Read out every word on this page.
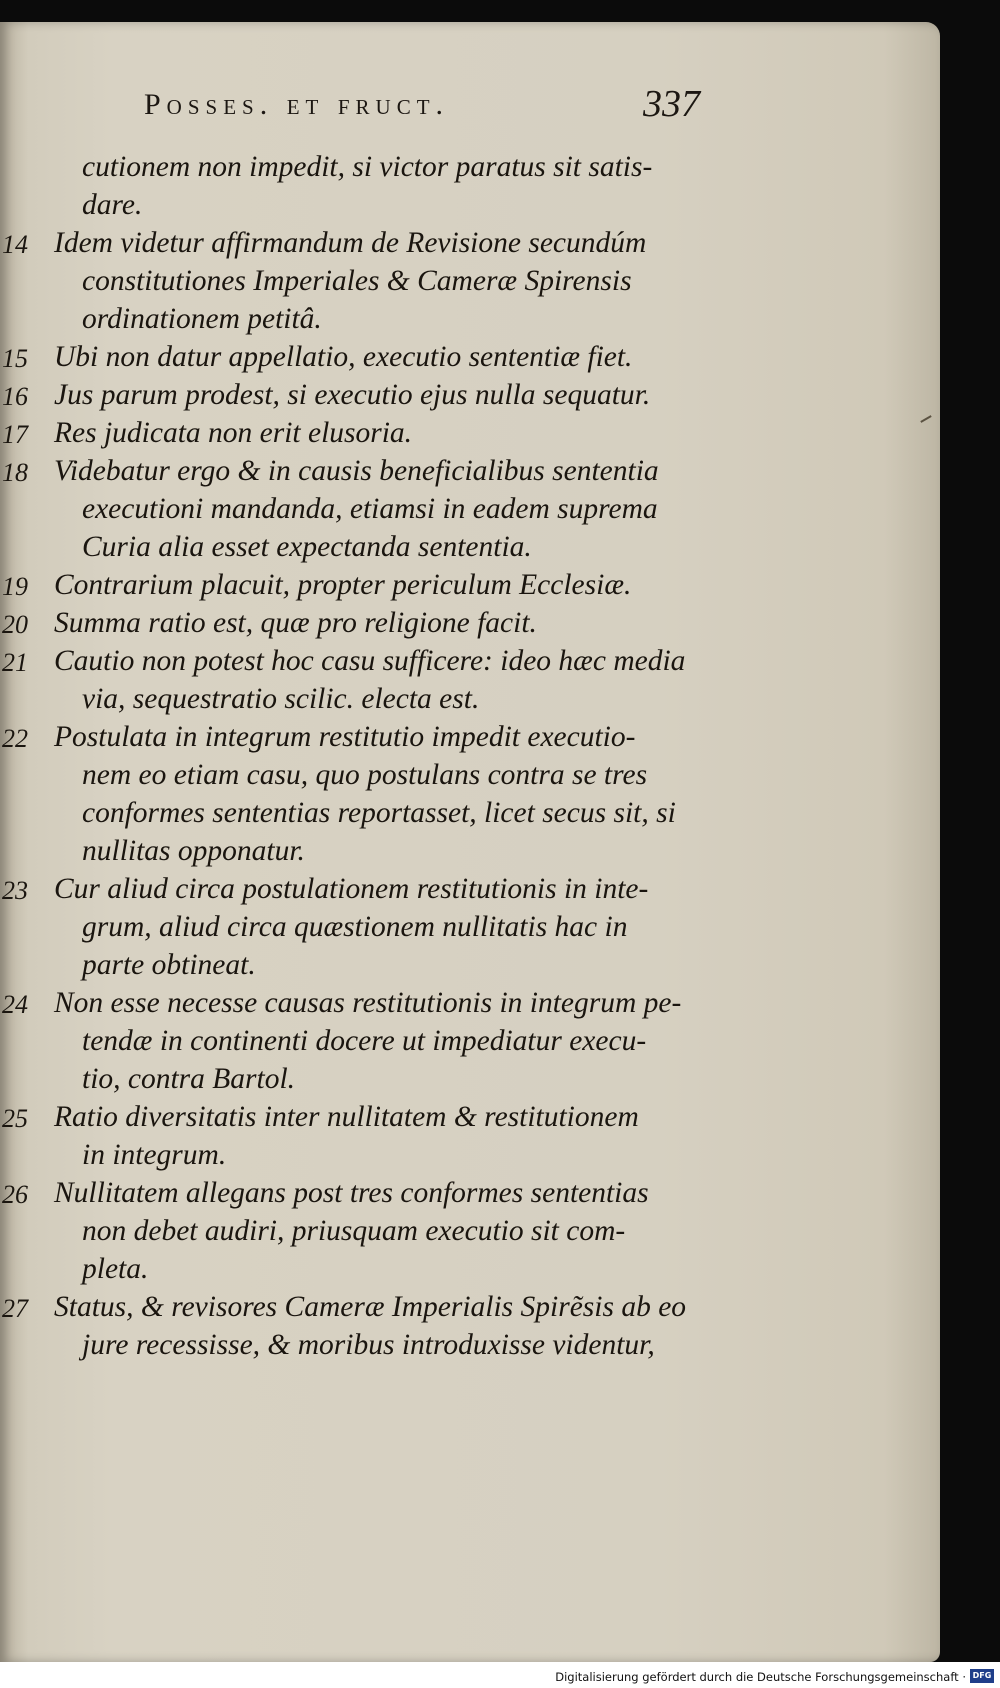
Posses. et fruct.	337
cutionem non impedit, si victor paratus sit satis-
dare.
14 Idem videtur affirmandum de Revisione secundúm
constitutiones Imperiales & Cameræ Spirensis
ordinationem petitâ.
15 Ubi non datur appellatio, executio sententiæ fiet.
16 Jus parum prodest, si executio ejus nulla sequatur.
17 Res judicata non erit elusoria.
18 Videbatur ergo & in causis beneficialibus sententia
executioni mandanda, etiamsi in eadem suprema
Curia alia esset expectanda sententia.
19 Contrarium placuit, propter periculum Ecclesiæ.
20 Summa ratio est, quæ pro religione facit.
21 Cautio non potest hoc casu sufficere: ideo hæc media
via, sequestratio scilic. electa est.
22 Postulata in integrum restitutio impedit executio-
nem eo etiam casu, quo postulans contra se tres
conformes sententias reportasset, licet secus sit, si
nullitas opponatur.
23 Cur aliud circa postulationem restitutionis in inte-
grum, aliud circa quæstionem nullitatis hac in
parte obtineat.
24 Non esse necesse causas restitutionis in integrum pe-
tendæ in continenti docere ut impediatur execu-
tio, contra Bartol.
25 Ratio diversitatis inter nullitatem & restitutionem
in integrum.
26 Nullitatem allegans post tres conformes sententias
non debet audiri, priusquam executio sit com-
pleta.
27 Status, & revisores Cameræ Imperialis Spirẽsis ab eo
jure recessisse, & moribus introduxisse videntur,
Digitalisierung gefördert durch die Deutsche Forschungsgemeinschaft · DFG
